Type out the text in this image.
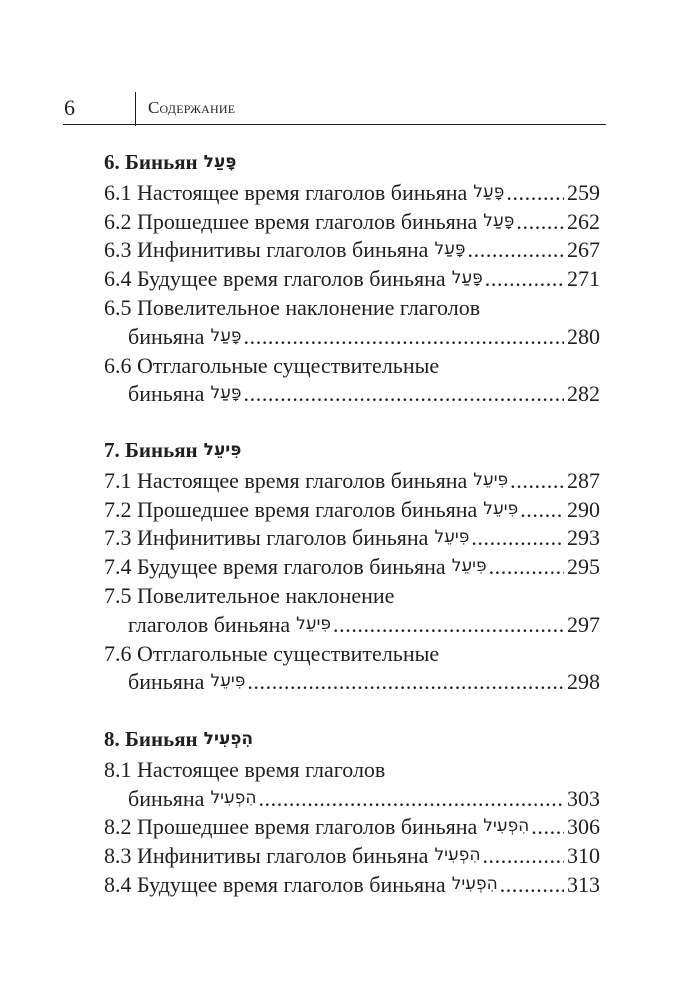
6	Содержание
6. Биньян פָּעַל
6.1 Настоящее время глаголов биньяна פָּעַל .....	259
6.2 Прошедшее время глаголов биньяна פָּעַל ..... 262
6.3 Инфинитивы глаголов биньяна פָּעַל .....	267
6.4 Будущее время глаголов биньяна פָּעַל .....	271
6.5 Повелительное наклонение глаголов
биньяна פָּעַל .....	280
6.6 Отглагольные существительные
биньяна פָּעַל .....	282
7. Биньян פִּיעֵל
7.1 Настоящее время глаголов биньяна פִּיעֵל .....	287
7.2 Прошедшее время глаголов биньяна פִּיעֵל ..... 290
7.3 Инфинитивы глаголов биньяна פִּיעֵל .....	293
7.4 Будущее время глаголов биньяна פִּיעֵל .....	295
7.5 Повелительное наклонение
глаголов биньяна פִּיעֵל .....	297
7.6 Отглагольные существительные
биньяна פִּיעֵל .....	298
8. Биньян הִפְעִיל
8.1 Настоящее время глаголов
биньяна הִפְעִיל .....	303
8.2 Прошедшее время глаголов биньяна הִפְעִיל ..... 306
8.3 Инфинитивы глаголов биньяна הִפְעִיל .....	310
8.4 Будущее время глаголов биньяна הִפְעִיל .....	313
